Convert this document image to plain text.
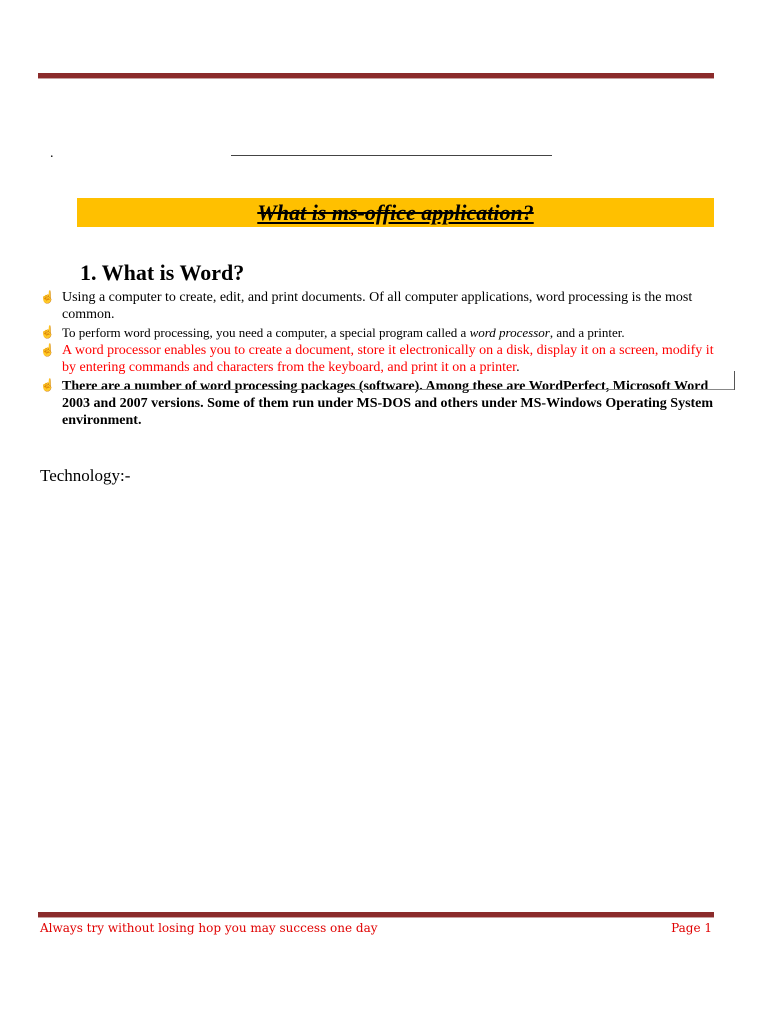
.
What is ms-office application?
1. What is Word?
☝ Using a computer to create, edit, and print documents. Of all computer applications, word processing is the most common.
☝ To perform word processing, you need a computer, a special program called a word processor, and a printer.
☝ A word processor enables you to create a document, store it electronically on a disk, display it on a screen, modify it by entering commands and characters from the keyboard, and print it on a printer.
☝ There are a number of word processing packages (software). Among these are WordPerfect, Microsoft Word 2003 and 2007 versions. Some of them run under MS-DOS and others under MS-Windows Operating System environment.
Technology:-
Always try without losing hop you may success one day	Page 1
